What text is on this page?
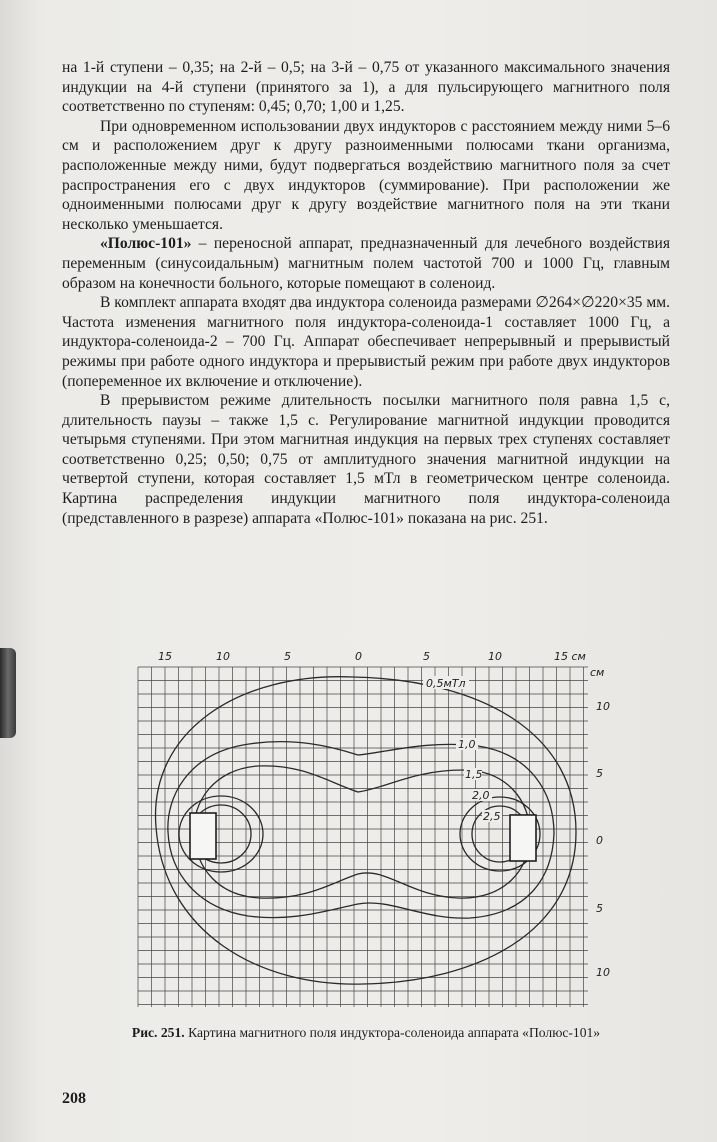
на 1-й ступени – 0,35; на 2-й – 0,5; на 3-й – 0,75 от указанного максимального значения индукции на 4-й ступени (принятого за 1), а для пульсирующего магнитного поля соответственно по ступеням: 0,45; 0,70; 1,00 и 1,25.

При одновременном использовании двух индукторов с расстоянием между ними 5–6 см и расположением друг к другу разноименными полюсами ткани организма, расположенные между ними, будут подвергаться воздействию магнитного поля за счет распространения его с двух индукторов (суммирование). При расположении же одноименными полюсами друг к другу воздействие магнитного поля на эти ткани несколько уменьшается.

«Полюс-101» – переносной аппарат, предназначенный для лечебного воздействия переменным (синусоидальным) магнитным полем частотой 700 и 1000 Гц, главным образом на конечности больного, которые помещают в соленоид.

В комплект аппарата входят два индуктора соленоида размерами ∅264×∅220×35 мм. Частота изменения магнитного поля индуктора-соленоида-1 составляет 1000 Гц, а индуктора-соленоида-2 – 700 Гц. Аппарат обеспечивает непрерывный и прерывистый режимы при работе одного индуктора и прерывистый режим при работе двух индукторов (попеременное их включение и отключение).

В прерывистом режиме длительность посылки магнитного поля равна 1,5 с, длительность паузы – также 1,5 с. Регулирование магнитной индукции проводится четырьмя ступенями. При этом магнитная индукция на первых трех ступенях составляет соответственно 0,25; 0,50; 0,75 от амплитудного значения магнитной индукции на четвертой ступени, которая составляет 1,5 мТл в геометрическом центре соленоида. Картина распределения индукции магнитного поля индуктора-соленоида (представленного в разрезе) аппарата «Полюс-101» показана на рис. 251.

15	10	5	0	5	10	15 см
см
10
5
0
5
10
0,5мТл
1,0
1,5
2,0
2,5
Рис. 251. Картина магнитного поля индуктора-соленоида аппарата «Полюс-101»
208
